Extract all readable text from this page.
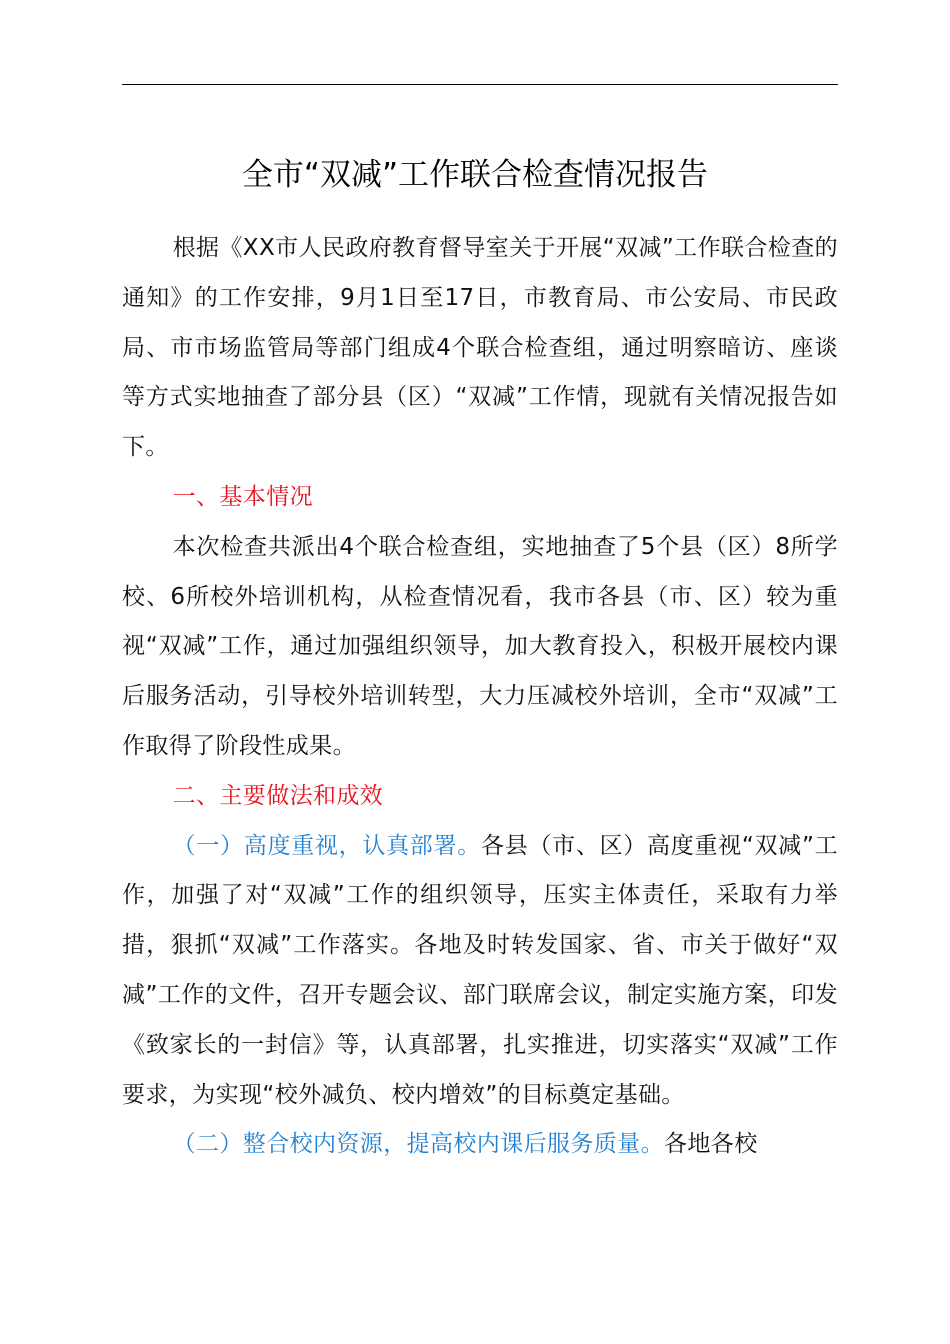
全市“双减”工作联合检查情况报告

根据《XX市人民政府教育督导室关于开展“双减”工作联合检查的通知》的工作安排，9月1日至17日，市教育局、市公安局、市民政局、市市场监管局等部门组成4个联合检查组，通过明察暗访、座谈等方式实地抽查了部分县（区）“双减”工作情，现就有关情况报告如下。

一、基本情况

本次检查共派出4个联合检查组，实地抽查了5个县（区）8所学校、6所校外培训机构，从检查情况看，我市各县（市、区）较为重视“双减”工作，通过加强组织领导，加大教育投入，积极开展校内课后服务活动，引导校外培训转型，大力压减校外培训，全市“双减”工作取得了阶段性成果。

二、主要做法和成效

（一）高度重视，认真部署。各县（市、区）高度重视“双减”工作，加强了对“双减”工作的组织领导，压实主体责任，采取有力举措，狠抓“双减”工作落实。各地及时转发国家、省、市关于做好“双减”工作的文件，召开专题会议、部门联席会议，制定实施方案，印发《致家长的一封信》等，认真部署，扎实推进，切实落实“双减”工作要求，为实现“校外减负、校内增效”的目标奠定基础。

（二）整合校内资源，提高校内课后服务质量。各地各校
